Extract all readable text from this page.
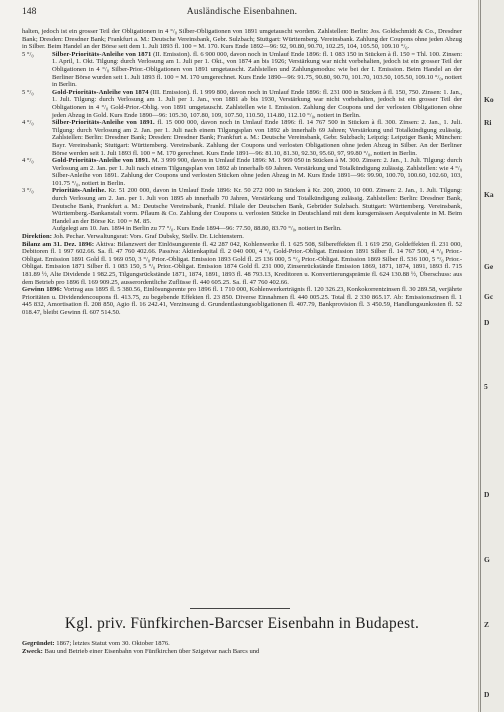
148	Ausländische Eisenbahnen.

halten, jedoch ist ein grosser Teil der Obligationen in 4 °/₀ Silber-Obligationen von 1891 umgetauscht worden. Zahlstellen: Berlin: Jos. Goldschmidt & Co., Dresdner Bank; Dresden: Dresdner Bank; Frankfurt a. M.: Deutsche Vereinsbank, Gebr. Sulzbach; Stuttgart: Württemberg. Vereinsbank. Zahlung der Coupons ohne jeden Abzug in Silber. Beim Handel an der Börse seit dem 1. Juli 1893 fl. 100 = M. 170. Kurs Ende 1892—96: 92, 90.80, 90.70, 102.25, 104, 105.50, 109.10 °/₀.

5 °/₀	Silber-Prioritäts-Anleihe von 1871 (II. Emission). fl. 6 900 000, davon noch in Umlauf Ende 1896: fl. 1 083 150 in Stücken à fl. 150 = Thl. 100. Zinsen: 1. April, 1. Okt. Tilgung: durch Verlosung am 1. Juli per 1. Okt., von 1874 an bis 1926; Verstärkung war nicht vorbehalten, jedoch ist ein grosser Teil der Obligationen in 4 °/₀ Silber-Prior.-Obligationen von 1891 umgetauscht. Zahlstellen und Zahlungsmodus: wie bei der I. Emission. Beim Handel an der Berliner Börse wurden seit 1. Juli 1893 fl. 100 = M. 170 umgerechnet. Kurs Ende 1890—96: 91.75, 90.80, 90.70, 101.70, 103.50, 105.50, 109.10 °/₀, notiert in Berlin.

5 °/₀	Gold-Prioritäts-Anleihe von 1874 (III. Emission). fl. 1 999 800, davon noch in Umlauf Ende 1896: fl. 231 000 in Stücken à fl. 150, 750. Zinsen: 1. Jan., 1. Juli. Tilgung: durch Verlosung am 1. Juli per 1. Jan., von 1881 ab bis 1930, Verstärkung war nicht vorbehalten, jedoch ist ein grosser Teil der Obligationen in 4 °/₀ Gold-Prior.-Oblig. von 1891 umgetauscht. Zahlstellen wie I. Emission. Zahlung der Coupons und der verlosten Obligationen ohne jeden Abzug in Gold. Kurs Ende 1890—96: 105.30, 107.80, 109, 107.50, 110.50, 114.80, 112.10 °/₀, notiert in Berlin.

4 °/₀	Silber-Prioritäts-Anleihe von 1891. fl. 15 000 000, davon noch in Umlauf Ende 1896: fl. 14 767 500 in Stücken à fl. 300. Zinsen: 2. Jan., 1. Juli. Tilgung: durch Verlosung am 2. Jan. per 1. Juli nach einem Tilgungsplan von 1892 ab innerhalb 69 Jahren; Verstärkung und Totalkündigung zulässig. Zahlstellen: Berlin: Dresdner Bank; Dresden: Dresdner Bank; Frankfurt a. M.: Deutsche Vereinsbank, Gebr. Sulzbach; Leipzig: Leipziger Bank; München: Bayr. Vereinsbank; Stuttgart: Württemberg. Vereinsbank. Zahlung der Coupons und verlosten Obligationen ohne jeden Abzug in Silber. An der Berliner Börse werden seit 1. Juli 1893 fl. 100 = M. 170 gerechnet. Kurs Ende 1891—96: 81.10, 81.30, 92.30, 95.60, 97, 99.80 °/₀, notiert in Berlin.

4 °/₀	Gold-Prioritäts-Anleihe von 1891. M. 3 999 900, davon in Umlauf Ende 1896: M. 1 969 050 in Stücken à M. 300. Zinsen: 2. Jan., 1. Juli. Tilgung: durch Verlosung am 2. Jan. per 1. Juli nach einem Tilgungsplan von 1892 ab innerhalb 69 Jahren. Verstärkung und Totalkündigung zulässig. Zahlstellen: wie 4 °/₀ Silber-Anleihe von 1891. Zahlung der Coupons und verlosten Stücken ohne jeden Abzug in M. Kurs Ende 1891—96: 99.90, 100.70, 100.60, 102.60, 103, 101.75 °/₀, notiert in Berlin.

3 °/₀	Prioritäts-Anleihe. Kr. 51 200 000, davon in Umlauf Ende 1896: Kr. 50 272 000 in Stücken à Kr. 200, 2000, 10 000. Zinsen: 2. Jan., 1. Juli. Tilgung: durch Verlosung am 2. Jan. per 1. Juli von 1895 ab innerhalb 70 Jahren, Verstärkung und Totalkündigung zulässig. Zahlstellen: Berlin: Dresdner Bank, Deutsche Bank, Frankfurt a. M.: Deutsche Vereinsbank, Frankf. Filiale der Deutschen Bank, Gebrüder Sulzbach. Stuttgart: Württemberg. Vereinsbank, Württemberg.-Bankanstalt vorm. Pflaum & Co. Zahlung der Coupons u. verlosten Stücke in Deutschland mit dem kursgemässen Aequivalente in M. Beim Handel an der Börse Kr. 100 = M. 85.

Aufgelegt am 10. Jan. 1894 in Berlin zu 77 °/₀. Kurs Ende 1894—96: 77.50, 88.80, 83.70 °/₀, notiert in Berlin.

Direktion: Joh. Pechar. Verwaltungsrat: Vors. Graf Dubsky, Stellv. Dr. Lichtenstern.

Bilanz am 31. Dez. 1896: Aktiva: Bilanzwert der Einlösungsrente fl. 42 287 042, Kohlenwerke fl. 1 625 508, Silbereffekten fl. 1 619 250, Goldeffekten fl. 231 000, Debitoren fl. 1 997 602.66. Sa. fl. 47 760 402.66. Passiva: Aktienkapital fl. 2 040 000, 4 °/₀ Gold-Prior.-Obligat. Emission 1891 Silber fl. 14 767 500, 4 °/₀ Prior.-Obligat. Emission 1891 Gold fl. 1 969 050, 3 °/₀ Prior.-Obligat. Emission 1893 Gold fl. 25 136 000, 5 °/₀ Prior.-Obligat. Emission 1869 Silber fl. 536 100, 5 °/₀ Prior.-Obligat. Emission 1871 Silber fl. 1 083 150, 5 °/₀ Prior.-Obligat. Emission 1874 Gold fl. 231 000, Zinsenrückstände Emission 1869, 1871, 1874, 1891, 1893 fl. 715 181.89 ½, Alte Dividende 1 982.25, Tilgungsrückstände 1871, 1874, 1891, 1893 fl. 48 793.13, Kreditoren u. Konvertierungsprämie fl. 624 130.88 ½, Überschuss: aus dem Betrieb pro 1896 fl. 169 909.25, ausserordentliche Zuflüsse fl. 440 605.25. Sa. fl. 47 760 402.66.

Gewinn 1896: Vortrag aus 1895 fl. 5 380.56, Einlösungsrente pro 1896 fl. 1 710 000, Kohlenwerkerträgnis fl. 120 326.23, Konkokorrentzinsen fl. 30 289.58, verjährte Prioritäten u. Dividendencoupons fl. 413.75, zu begebende Effekten fl. 23 850. Diverse Einnahmen fl. 440 005.25. Total fl. 2 330 865.17. Ab: Emissionszinsen fl. 1 445 832, Amortisation fl. 208 850, Agio fl. 16 242.41, Verzinsung d. Grundentlastungsobligationen fl. 407.79, Bankprovision fl. 3 450.59, Handlungsunkosten fl. 52 018.47, bleibt Gewinn fl. 607 514.50.

Kgl. priv. Fünfkirchen-Barcser Eisenbahn in Budapest.

Gegründet: 1867; letztes Statut vom 30. Oktober 1876.

Zweck: Bau und Betrieb einer Eisenbahn von Fünfkirchen über Szigetvar nach Barcs und

Ko
Ri
Ka
Ge
Gc
D
5
D
G
Z
D
